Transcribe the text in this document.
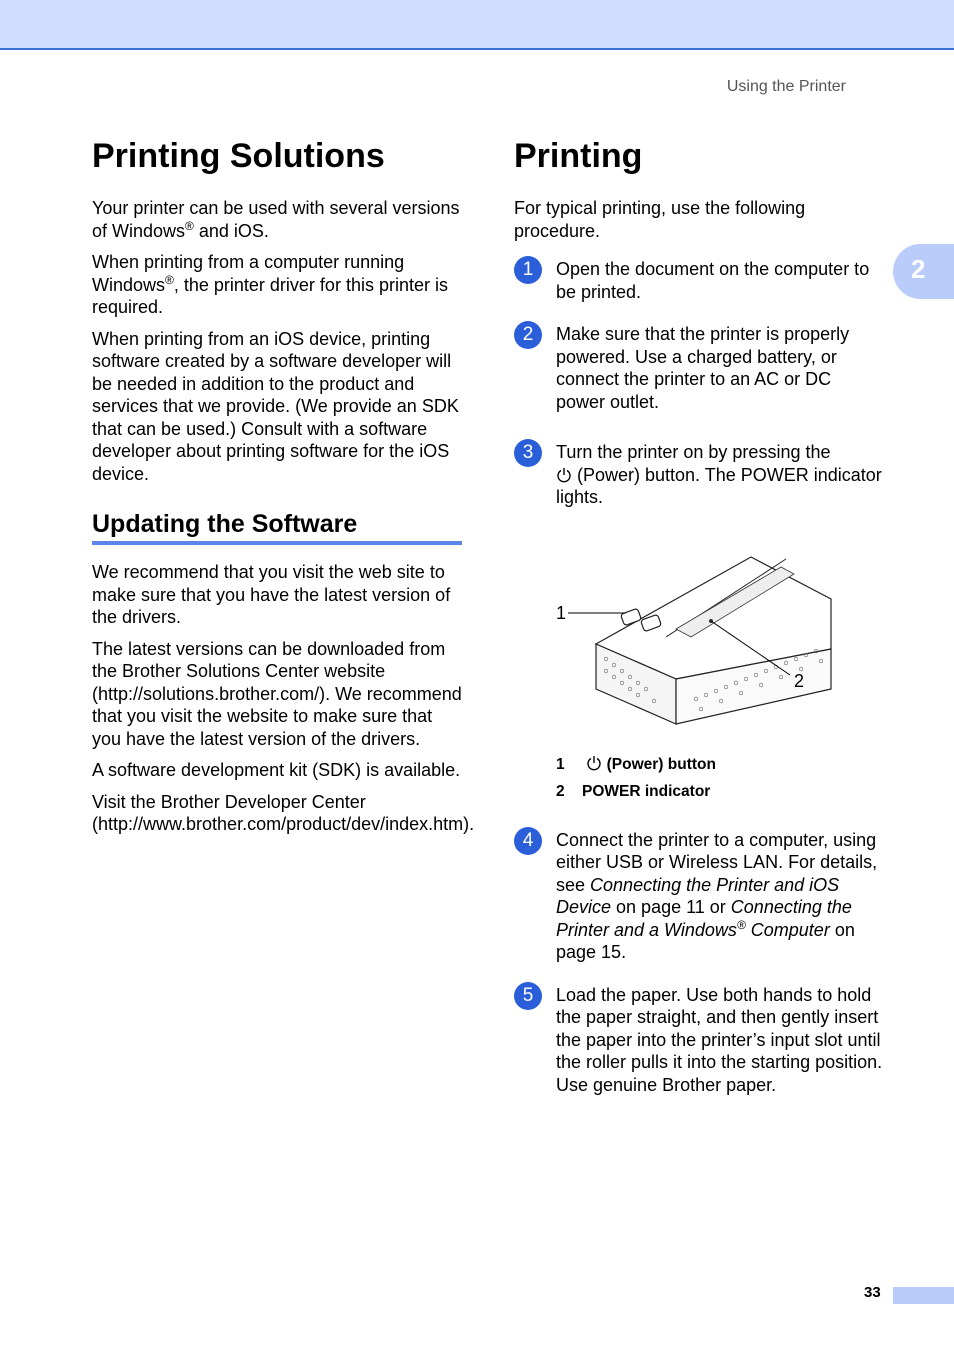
Using the Printer
2
Printing Solutions

Your printer can be used with several versions of Windows® and iOS.

When printing from a computer running Windows®, the printer driver for this printer is required.

When printing from an iOS device, printing software created by a software developer will be needed in addition to the product and services that we provide. (We provide an SDK that can be used.) Consult with a software developer about printing software for the iOS device.

Updating the Software

We recommend that you visit the web site to make sure that you have the latest version of the drivers.

The latest versions can be downloaded from the Brother Solutions Center website (http://solutions.brother.com/). We recommend that you visit the website to make sure that you have the latest version of the drivers.

A software development kit (SDK) is available.

Visit the Brother Developer Center (http://www.brother.com/product/dev/index.htm).

Printing

For typical printing, use the following procedure.

1	Open the document on the computer to be printed.

2	Make sure that the printer is properly powered. Use a charged battery, or connect the printer to an AC or DC power outlet.

3	Turn the printer on by pressing the
(Power) button. The POWER indicator lights.

1
2
1  (Power) button
2 POWER indicator
4	Connect the printer to a computer, using either USB or Wireless LAN. For details, see Connecting the Printer and iOS Device on page 11 or Connecting the Printer and a Windows® Computer on page 15.

5	Load the paper. Use both hands to hold the paper straight, and then gently insert the paper into the printer’s input slot until the roller pulls it into the starting position. Use genuine Brother paper.

33
